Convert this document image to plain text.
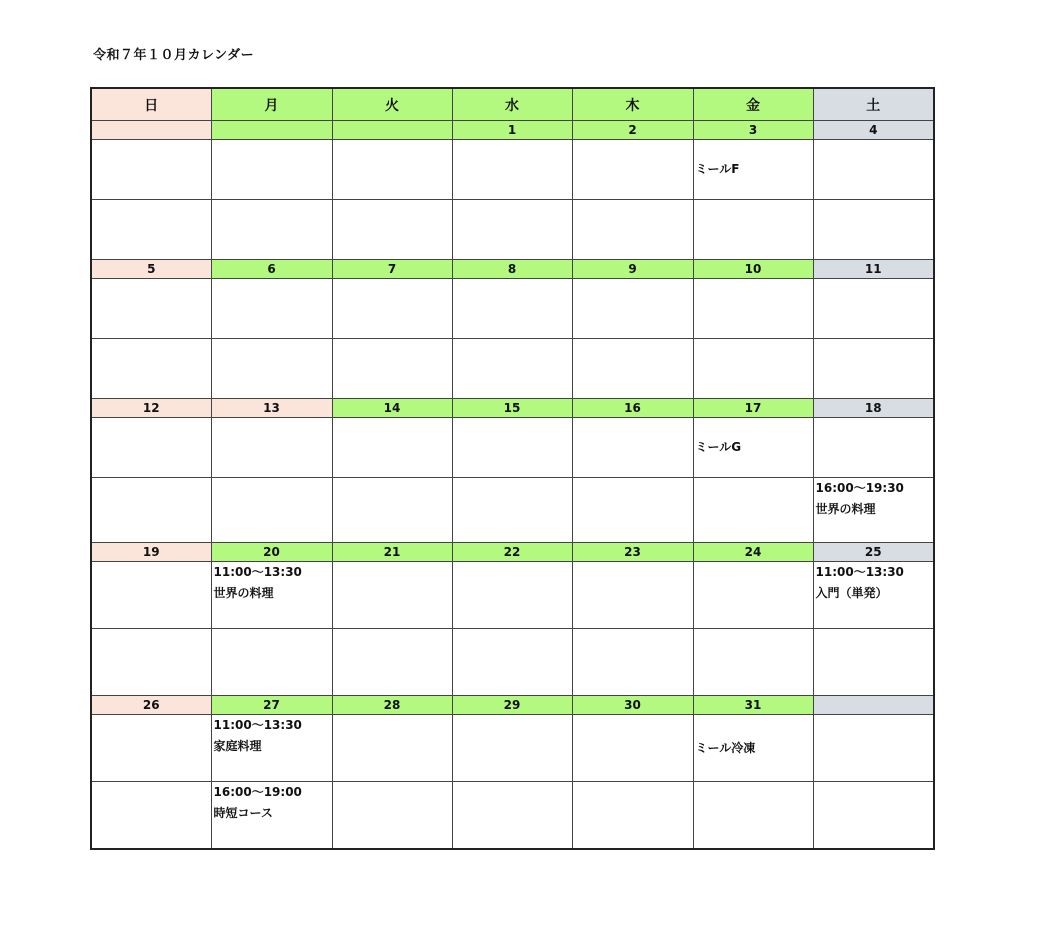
令和７年１０月カレンダー
日	月	火	水	木	金	土
			1	2	3	4

					ミールF	

5	6	7	8	9	10	11

12	13	14	15	16	17	18

					ミールG	

						16:00〜19:30
世界の料理

19	20	21	22	23	24	25

	11:00〜13:30
世界の料理					11:00〜13:30
入門（単発）

26	27	28	29	30	31	

	11:00〜13:30
家庭料理				ミール冷凍	

	16:00〜19:00
時短コース					
